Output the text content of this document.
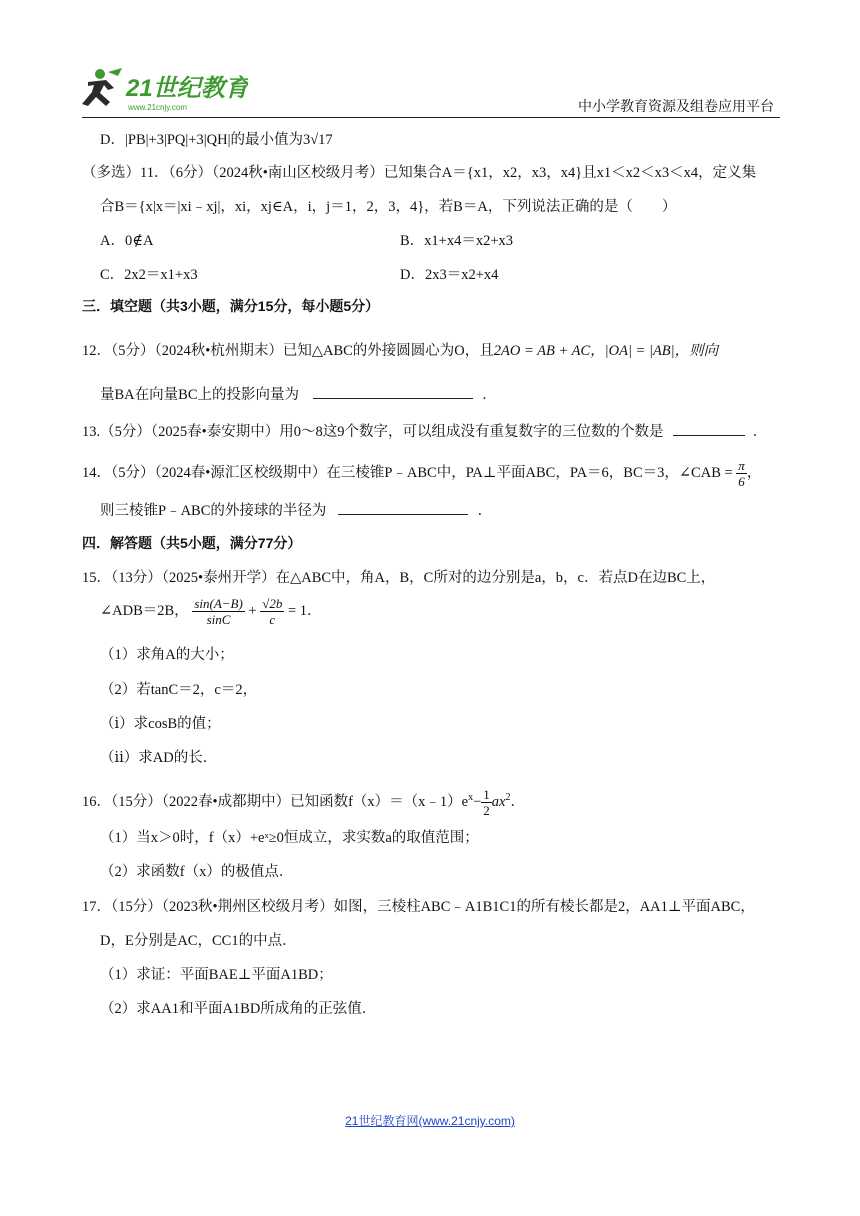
21世纪教育
www.21cnjy.com	中小学教育资源及组卷应用平台
D．|PB|+3|PQ|+3|QH|的最小值为3√17
（多选）11．（6分）（2024秋•南山区校级月考）已知集合A＝{x1，x2，x3，x4}且x1＜x2＜x3＜x4，定义集
合B＝{x|x＝|xi﹣xj|，xi，xj∈A，i，j＝1，2，3，4}，若B＝A，下列说法正确的是（　　）
A．0∉A	B．x1+x4＝x2+x3
C．2x2＝x1+x3	D．2x3＝x2+x4
三．填空题（共3小题，满分15分，每小题5分）
12．（5分）（2024秋•杭州期末）已知△ABC的外接圆圆心为O，且2AO = AB + AC，|OA| = |AB|，则向
量BA在向量BC上的投影向量为	．
13.（5分）（2025春•泰安期中）用0～8这9个数字，可以组成没有重复数字的三位数的个数是	．
14．（5分）（2024春•源汇区校级期中）在三棱锥P﹣ABC中，PA⊥平面ABC，PA＝6，BC＝3，∠CAB = $\frac{\pi}{6}$ ，
则三棱锥P﹣ABC的外接球的半径为	．
四．解答题（共5小题，满分77分）
15．（13分）（2025•泰州开学）在△ABC中，角A，B，C所对的边分别是a，b，c．若点D在边BC上，
∠ADB＝2B， $\frac{\sin(A-B)}{\sin C} + \frac{√2b}{c} = 1$．
（1）求角A的大小；
（2）若tanC＝2，c＝2，
（ⅰ）求cosB的值；
（ⅱ）求AD的长．
16．（15分）（2022春•成都期中）已知函数$f(x)=(x﹣1)e^x- \frac{1}{2} ax^2$．
（1）当x＞0时，f（x）+eˣ≥0恒成立，求实数a的取值范围；
（2）求函数f（x）的极值点．
17．（15分）（2023秋•荆州区校级月考）如图，三棱柱ABC﹣A1B1C1的所有棱长都是2，AA1⊥平面ABC，
D，E分别是AC，CC1的中点．
（1）求证：平面BAE⊥平面A1BD；
（2）求AA1和平面A1BD所成角的正弦值．
21世纪教育网(www.21cnjy.com)
